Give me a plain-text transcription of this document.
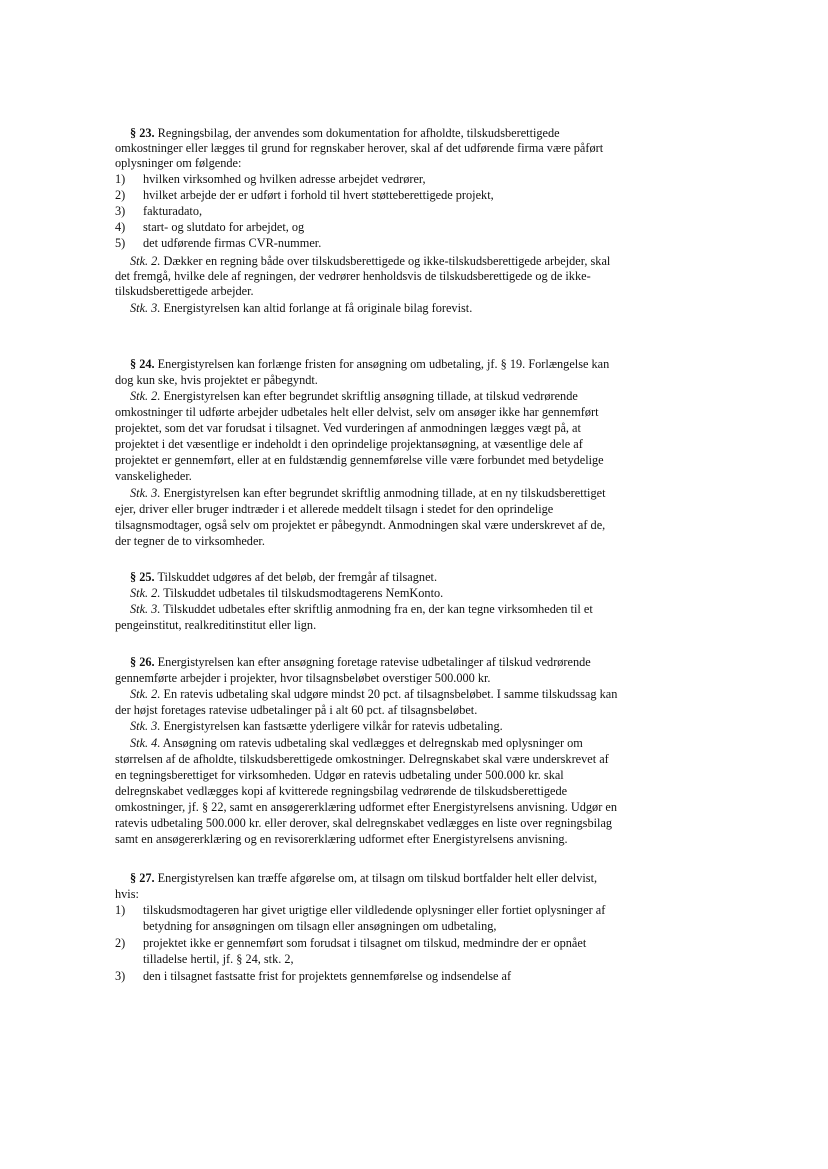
§ 23. Regningsbilag, der anvendes som dokumentation for afholdte, tilskudsberettigede
omkostninger eller lægges til grund for regnskaber herover, skal af det udførende firma være påført
oplysninger om følgende:
1)	hvilken virksomhed og hvilken adresse arbejdet vedrører,
2)	hvilket arbejde der er udført i forhold til hvert støtteberettigede projekt,
3)	fakturadato,
4)	start- og slutdato for arbejdet, og
5)	det udførende firmas CVR-nummer.
Stk. 2. Dækker en regning både over tilskudsberettigede og ikke-tilskudsberettigede arbejder, skal
det fremgå, hvilke dele af regningen, der vedrører henholdsvis de tilskudsberettigede og de ikke-
tilskudsberettigede arbejder.
Stk. 3. Energistyrelsen kan altid forlange at få originale bilag forevist.
§ 24. Energistyrelsen kan forlænge fristen for ansøgning om udbetaling, jf. § 19. Forlængelse kan
dog kun ske, hvis projektet er påbegyndt.
Stk. 2. Energistyrelsen kan efter begrundet skriftlig ansøgning tillade, at tilskud vedrørende
omkostninger til udførte arbejder udbetales helt eller delvist, selv om ansøger ikke har gennemført
projektet, som det var forudsat i tilsagnet. Ved vurderingen af anmodningen lægges vægt på, at
projektet i det væsentlige er indeholdt i den oprindelige projektansøgning, at væsentlige dele af
projektet er gennemført, eller at en fuldstændig gennemførelse ville være forbundet med betydelige
vanskeligheder.
Stk. 3. Energistyrelsen kan efter begrundet skriftlig anmodning tillade, at en ny tilskudsberettiget
ejer, driver eller bruger indtræder i et allerede meddelt tilsagn i stedet for den oprindelige
tilsagnsmodtager, også selv om projektet er påbegyndt. Anmodningen skal være underskrevet af de,
der tegner de to virksomheder.
§ 25. Tilskuddet udgøres af det beløb, der fremgår af tilsagnet.
Stk. 2. Tilskuddet udbetales til tilskudsmodtagerens NemKonto.
Stk. 3. Tilskuddet udbetales efter skriftlig anmodning fra en, der kan tegne virksomheden til et
pengeinstitut, realkreditinstitut eller lign.
§ 26. Energistyrelsen kan efter ansøgning foretage ratevise udbetalinger af tilskud vedrørende
gennemførte arbejder i projekter, hvor tilsagnsbeløbet overstiger 500.000 kr.
Stk. 2. En ratevis udbetaling skal udgøre mindst 20 pct. af tilsagnsbeløbet. I samme tilskudssag kan
der højst foretages ratevise udbetalinger på i alt 60 pct. af tilsagnsbeløbet.
Stk. 3. Energistyrelsen kan fastsætte yderligere vilkår for ratevis udbetaling.
Stk. 4. Ansøgning om ratevis udbetaling skal vedlægges et delregnskab med oplysninger om
størrelsen af de afholdte, tilskudsberettigede omkostninger. Delregnskabet skal være underskrevet af
en tegningsberettiget for virksomheden. Udgør en ratevis udbetaling under 500.000 kr. skal
delregnskabet vedlægges kopi af kvitterede regningsbilag vedrørende de tilskudsberettigede
omkostninger, jf. § 22, samt en ansøgererklæring udformet efter Energistyrelsens anvisning. Udgør en
ratevis udbetaling 500.000 kr. eller derover, skal delregnskabet vedlægges en liste over regningsbilag
samt en ansøgererklæring og en revisorerklæring udformet efter Energistyrelsens anvisning.
§ 27. Energistyrelsen kan træffe afgørelse om, at tilsagn om tilskud bortfalder helt eller delvist,
hvis:
1)	tilskudsmodtageren har givet urigtige eller vildledende oplysninger eller fortiet oplysninger af
betydning for ansøgningen om tilsagn eller ansøgningen om udbetaling,
2)	projektet ikke er gennemført som forudsat i tilsagnet om tilskud, medmindre der er opnået
tilladelse hertil, jf. § 24, stk. 2,
3)	den i tilsagnet fastsatte frist for projektets gennemførelse og indsendelse af
